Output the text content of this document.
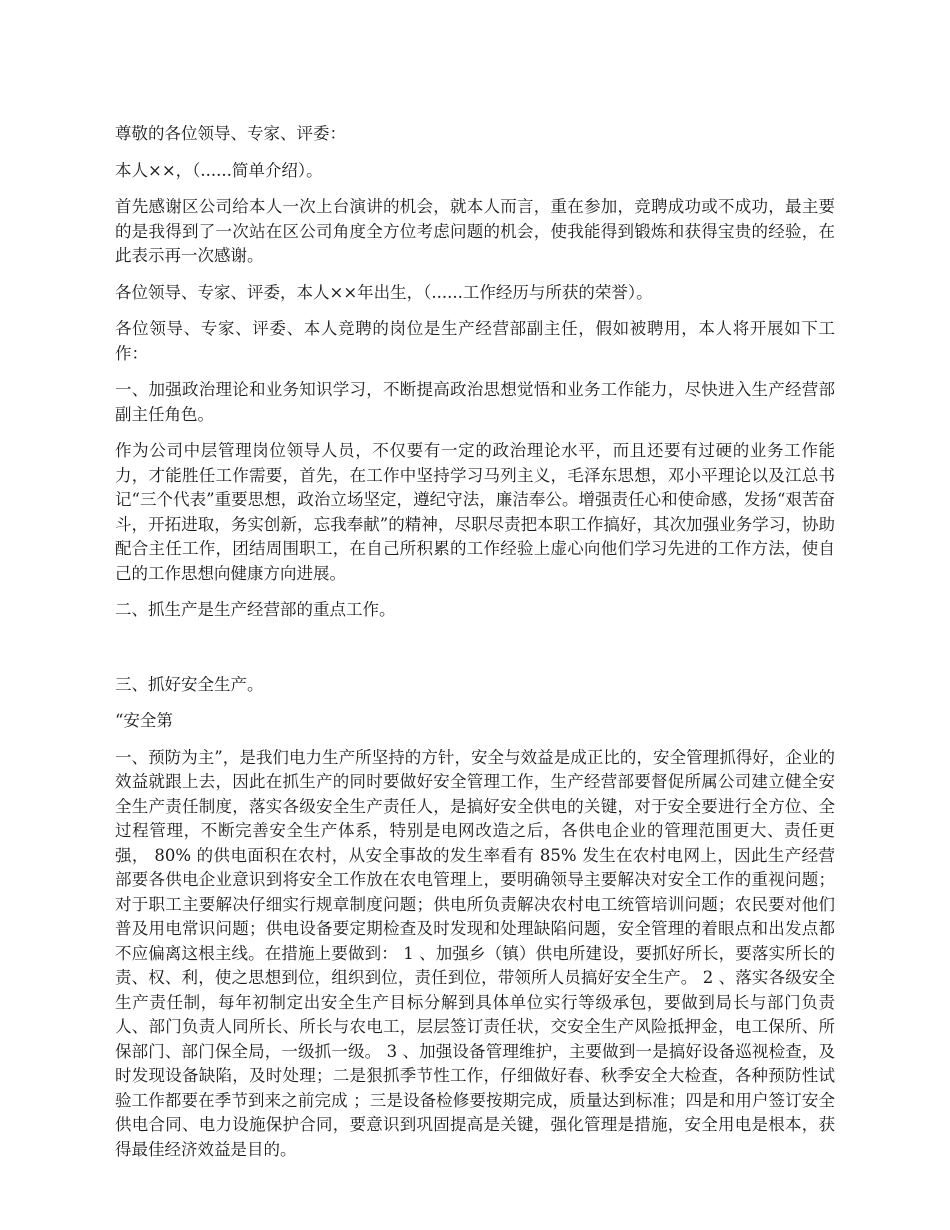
尊敬的各位领导、专家、评委：

本人××，（......简单介绍）。

首先感谢区公司给本人一次上台演讲的机会，就本人而言，重在参加，竞聘成功或不成功，最主要的是我得到了一次站在区公司角度全方位考虑问题的机会，使我能得到锻炼和获得宝贵的经验，在此表示再一次感谢。

各位领导、专家、评委，本人××年出生，（......工作经历与所获的荣誉）。

各位领导、专家、评委、本人竞聘的岗位是生产经营部副主任，假如被聘用，本人将开展如下工作：

一、加强政治理论和业务知识学习，不断提高政治思想觉悟和业务工作能力，尽快进入生产经营部副主任角色。

作为公司中层管理岗位领导人员，不仅要有一定的政治理论水平，而且还要有过硬的业务工作能力，才能胜任工作需要，首先，在工作中坚持学习马列主义，毛泽东思想，邓小平理论以及江总书记“三个代表”重要思想，政治立场坚定，遵纪守法，廉洁奉公。增强责任心和使命感，发扬“艰苦奋斗，开拓进取，务实创新，忘我奉献”的精神，尽职尽责把本职工作搞好，其次加强业务学习，协助配合主任工作，团结周围职工，在自己所积累的工作经验上虚心向他们学习先进的工作方法，使自己的工作思想向健康方向进展。

二、抓生产是生产经营部的重点工作。

三、抓好安全生产。

“安全第

一、预防为主”，是我们电力生产所坚持的方针，安全与效益是成正比的，安全管理抓得好，企业的效益就跟上去，因此在抓生产的同时要做好安全管理工作，生产经营部要督促所属公司建立健全安全生产责任制度，落实各级安全生产责任人，是搞好安全供电的关键，对于安全要进行全方位、全过程管理，不断完善安全生产体系，特别是电网改造之后，各供电企业的管理范围更大、责任更强， 80% 的供电面积在农村，从安全事故的发生率看有 85% 发生在农村电网上，因此生产经营部要各供电企业意识到将安全工作放在农电管理上，要明确领导主要解决对安全工作的重视问题；对于职工主要解决仔细实行规章制度问题；供电所负责解决农村电工统管培训问题；农民要对他们普及用电常识问题；供电设备要定期检查及时发现和处理缺陷问题，安全管理的着眼点和出发点都不应偏离这根主线。在措施上要做到： 1 、加强乡（镇）供电所建设，要抓好所长，要落实所长的责、权、利，使之思想到位，组织到位，责任到位，带领所人员搞好安全生产。 2 、落实各级安全生产责任制，每年初制定出安全生产目标分解到具体单位实行等级承包，要做到局长与部门负责人、部门负责人同所长、所长与农电工，层层签订责任状，交安全生产风险抵押金，电工保所、所保部门、部门保全局，一级抓一级。 3 、加强设备管理维护，主要做到一是搞好设备巡视检查，及时发现设备缺陷，及时处理；二是狠抓季节性工作，仔细做好春、秋季安全大检查，各种预防性试验工作都要在季节到来之前完成 ；三是设备检修要按期完成，质量达到标准；四是和用户签订安全供电合同、电力设施保护合同，要意识到巩固提高是关键，强化管理是措施，安全用电是根本，获得最佳经济效益是目的。
